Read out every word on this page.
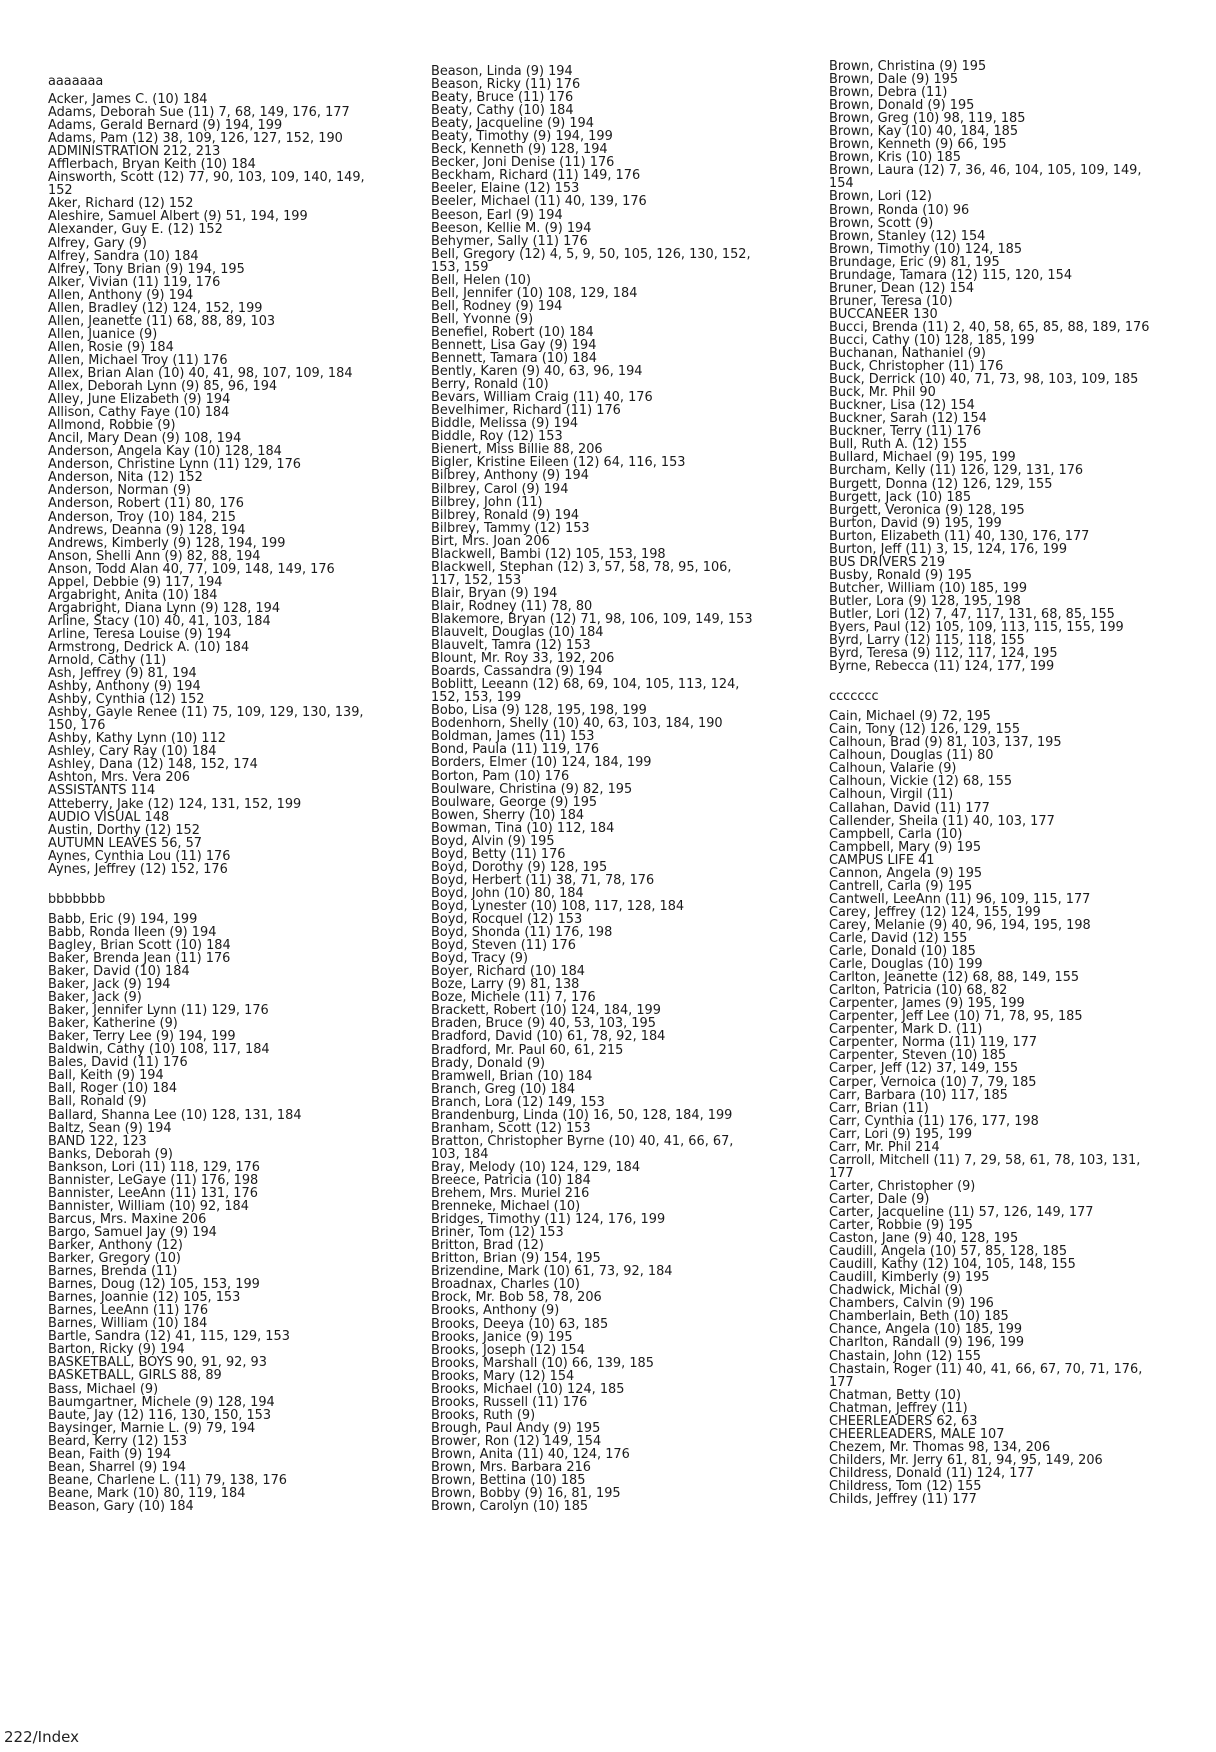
aaaaaaa
Acker, James C. (10) 184
Adams, Deborah Sue (11) 7, 68, 149, 176, 177
Adams, Gerald Bernard (9) 194, 199
Adams, Pam (12) 38, 109, 126, 127, 152, 190
ADMINISTRATION 212, 213
Afflerbach, Bryan Keith (10) 184
Ainsworth, Scott (12) 77, 90, 103, 109, 140, 149,
152
Aker, Richard (12) 152
Aleshire, Samuel Albert (9) 51, 194, 199
Alexander, Guy E. (12) 152
Alfrey, Gary (9)
Alfrey, Sandra (10) 184
Alfrey, Tony Brian (9) 194, 195
Alker, Vivian (11) 119, 176
Allen, Anthony (9) 194
Allen, Bradley (12) 124, 152, 199
Allen, Jeanette (11) 68, 88, 89, 103
Allen, Juanice (9)
Allen, Rosie (9) 184
Allen, Michael Troy (11) 176
Allex, Brian Alan (10) 40, 41, 98, 107, 109, 184
Allex, Deborah Lynn (9) 85, 96, 194
Alley, June Elizabeth (9) 194
Allison, Cathy Faye (10) 184
Allmond, Robbie (9)
Ancil, Mary Dean (9) 108, 194
Anderson, Angela Kay (10) 128, 184
Anderson, Christine Lynn (11) 129, 176
Anderson, Nita (12) 152
Anderson, Norman (9)
Anderson, Robert (11) 80, 176
Anderson, Troy (10) 184, 215
Andrews, Deanna (9) 128, 194
Andrews, Kimberly (9) 128, 194, 199
Anson, Shelli Ann (9) 82, 88, 194
Anson, Todd Alan 40, 77, 109, 148, 149, 176
Appel, Debbie (9) 117, 194
Argabright, Anita (10) 184
Argabright, Diana Lynn (9) 128, 194
Arline, Stacy (10) 40, 41, 103, 184
Arline, Teresa Louise (9) 194
Armstrong, Dedrick A. (10) 184
Arnold, Cathy (11)
Ash, Jeffrey (9) 81, 194
Ashby, Anthony (9) 194
Ashby, Cynthia (12) 152
Ashby, Gayle Renee (11) 75, 109, 129, 130, 139,
150, 176
Ashby, Kathy Lynn (10) 112
Ashley, Cary Ray (10) 184
Ashley, Dana (12) 148, 152, 174
Ashton, Mrs. Vera 206
ASSISTANTS 114
Atteberry, Jake (12) 124, 131, 152, 199
AUDIO VISUAL 148
Austin, Dorthy (12) 152
AUTUMN LEAVES 56, 57
Aynes, Cynthia Lou (11) 176
Aynes, Jeffrey (12) 152, 176
bbbbbbb
Babb, Eric (9) 194, 199
Babb, Ronda Ileen (9) 194
Bagley, Brian Scott (10) 184
Baker, Brenda Jean (11) 176
Baker, David (10) 184
Baker, Jack (9) 194
Baker, Jack (9)
Baker, Jennifer Lynn (11) 129, 176
Baker, Katherine (9)
Baker, Terry Lee (9) 194, 199
Baldwin, Cathy (10) 108, 117, 184
Bales, David (11) 176
Ball, Keith (9) 194
Ball, Roger (10) 184
Ball, Ronald (9)
Ballard, Shanna Lee (10) 128, 131, 184
Baltz, Sean (9) 194
BAND 122, 123
Banks, Deborah (9)
Bankson, Lori (11) 118, 129, 176
Bannister, LeGaye (11) 176, 198
Bannister, LeeAnn (11) 131, 176
Bannister, William (10) 92, 184
Barcus, Mrs. Maxine 206
Bargo, Samuel Jay (9) 194
Barker, Anthony (12)
Barker, Gregory (10)
Barnes, Brenda (11)
Barnes, Doug (12) 105, 153, 199
Barnes, Joannie (12) 105, 153
Barnes, LeeAnn (11) 176
Barnes, William (10) 184
Bartle, Sandra (12) 41, 115, 129, 153
Barton, Ricky (9) 194
BASKETBALL, BOYS 90, 91, 92, 93
BASKETBALL, GIRLS 88, 89
Bass, Michael (9)
Baumgartner, Michele (9) 128, 194
Baute, Jay (12) 116, 130, 150, 153
Baysinger, Marnie L. (9) 79, 194
Beard, Kerry (12) 153
Bean, Faith (9) 194
Bean, Sharrel (9) 194
Beane, Charlene L. (11) 79, 138, 176
Beane, Mark (10) 80, 119, 184
Beason, Gary (10) 184
Beason, Linda (9) 194
Beason, Ricky (11) 176
Beaty, Bruce (11) 176
Beaty, Cathy (10) 184
Beaty, Jacqueline (9) 194
Beaty, Timothy (9) 194, 199
Beck, Kenneth (9) 128, 194
Becker, Joni Denise (11) 176
Beckham, Richard (11) 149, 176
Beeler, Elaine (12) 153
Beeler, Michael (11) 40, 139, 176
Beeson, Earl (9) 194
Beeson, Kellie M. (9) 194
Behymer, Sally (11) 176
Bell, Gregory (12) 4, 5, 9, 50, 105, 126, 130, 152,
153, 159
Bell, Helen (10)
Bell, Jennifer (10) 108, 129, 184
Bell, Rodney (9) 194
Bell, Yvonne (9)
Benefiel, Robert (10) 184
Bennett, Lisa Gay (9) 194
Bennett, Tamara (10) 184
Bently, Karen (9) 40, 63, 96, 194
Berry, Ronald (10)
Bevars, William Craig (11) 40, 176
Bevelhimer, Richard (11) 176
Biddle, Melissa (9) 194
Biddle, Roy (12) 153
Bienert, Miss Billie 88, 206
Bigler, Kristine Eileen (12) 64, 116, 153
Bilbrey, Anthony (9) 194
Bilbrey, Carol (9) 194
Bilbrey, John (11)
Bilbrey, Ronald (9) 194
Bilbrey, Tammy (12) 153
Birt, Mrs. Joan 206
Blackwell, Bambi (12) 105, 153, 198
Blackwell, Stephan (12) 3, 57, 58, 78, 95, 106,
117, 152, 153
Blair, Bryan (9) 194
Blair, Rodney (11) 78, 80
Blakemore, Bryan (12) 71, 98, 106, 109, 149, 153
Blauvelt, Douglas (10) 184
Blauvelt, Tamra (12) 153
Blount, Mr. Roy 33, 192, 206
Boards, Cassandra (9) 194
Boblitt, Leeann (12) 68, 69, 104, 105, 113, 124,
152, 153, 199
Bobo, Lisa (9) 128, 195, 198, 199
Bodenhorn, Shelly (10) 40, 63, 103, 184, 190
Boldman, James (11) 153
Bond, Paula (11) 119, 176
Borders, Elmer (10) 124, 184, 199
Borton, Pam (10) 176
Boulware, Christina (9) 82, 195
Boulware, George (9) 195
Bowen, Sherry (10) 184
Bowman, Tina (10) 112, 184
Boyd, Alvin (9) 195
Boyd, Betty (11) 176
Boyd, Dorothy (9) 128, 195
Boyd, Herbert (11) 38, 71, 78, 176
Boyd, John (10) 80, 184
Boyd, Lynester (10) 108, 117, 128, 184
Boyd, Rocquel (12) 153
Boyd, Shonda (11) 176, 198
Boyd, Steven (11) 176
Boyd, Tracy (9)
Boyer, Richard (10) 184
Boze, Larry (9) 81, 138
Boze, Michele (11) 7, 176
Brackett, Robert (10) 124, 184, 199
Braden, Bruce (9) 40, 53, 103, 195
Bradford, David (10) 61, 78, 92, 184
Bradford, Mr. Paul 60, 61, 215
Brady, Donald (9)
Bramwell, Brian (10) 184
Branch, Greg (10) 184
Branch, Lora (12) 149, 153
Brandenburg, Linda (10) 16, 50, 128, 184, 199
Branham, Scott (12) 153
Bratton, Christopher Byrne (10) 40, 41, 66, 67,
103, 184
Bray, Melody (10) 124, 129, 184
Breece, Patricia (10) 184
Brehem, Mrs. Muriel 216
Brenneke, Michael (10)
Bridges, Timothy (11) 124, 176, 199
Briner, Tom (12) 153
Britton, Brad (12)
Britton, Brian (9) 154, 195
Brizendine, Mark (10) 61, 73, 92, 184
Broadnax, Charles (10)
Brock, Mr. Bob 58, 78, 206
Brooks, Anthony (9)
Brooks, Deeya (10) 63, 185
Brooks, Janice (9) 195
Brooks, Joseph (12) 154
Brooks, Marshall (10) 66, 139, 185
Brooks, Mary (12) 154
Brooks, Michael (10) 124, 185
Brooks, Russell (11) 176
Brooks, Ruth (9)
Brough, Paul Andy (9) 195
Brower, Ron (12) 149, 154
Brown, Anita (11) 40, 124, 176
Brown, Mrs. Barbara 216
Brown, Bettina (10) 185
Brown, Bobby (9) 16, 81, 195
Brown, Carolyn (10) 185
Brown, Christina (9) 195
Brown, Dale (9) 195
Brown, Debra (11)
Brown, Donald (9) 195
Brown, Greg (10) 98, 119, 185
Brown, Kay (10) 40, 184, 185
Brown, Kenneth (9) 66, 195
Brown, Kris (10) 185
Brown, Laura (12) 7, 36, 46, 104, 105, 109, 149,
154
Brown, Lori (12)
Brown, Ronda (10) 96
Brown, Scott (9)
Brown, Stanley (12) 154
Brown, Timothy (10) 124, 185
Brundage, Eric (9) 81, 195
Brundage, Tamara (12) 115, 120, 154
Bruner, Dean (12) 154
Bruner, Teresa (10)
BUCCANEER 130
Bucci, Brenda (11) 2, 40, 58, 65, 85, 88, 189, 176
Bucci, Cathy (10) 128, 185, 199
Buchanan, Nathaniel (9)
Buck, Christopher (11) 176
Buck, Derrick (10) 40, 71, 73, 98, 103, 109, 185
Buck, Mr. Phil 90
Buckner, Lisa (12) 154
Buckner, Sarah (12) 154
Buckner, Terry (11) 176
Bull, Ruth A. (12) 155
Bullard, Michael (9) 195, 199
Burcham, Kelly (11) 126, 129, 131, 176
Burgett, Donna (12) 126, 129, 155
Burgett, Jack (10) 185
Burgett, Veronica (9) 128, 195
Burton, David (9) 195, 199
Burton, Elizabeth (11) 40, 130, 176, 177
Burton, Jeff (11) 3, 15, 124, 176, 199
BUS DRIVERS 219
Busby, Ronald (9) 195
Butcher, William (10) 185, 199
Butler, Lora (9) 128, 195, 198
Butler, Lori (12) 7, 47, 117, 131, 68, 85, 155
Byers, Paul (12) 105, 109, 113, 115, 155, 199
Byrd, Larry (12) 115, 118, 155
Byrd, Teresa (9) 112, 117, 124, 195
Byrne, Rebecca (11) 124, 177, 199
ccccccc
Cain, Michael (9) 72, 195
Cain, Tony (12) 126, 129, 155
Calhoun, Brad (9) 81, 103, 137, 195
Calhoun, Douglas (11) 80
Calhoun, Valarie (9)
Calhoun, Vickie (12) 68, 155
Calhoun, Virgil (11)
Callahan, David (11) 177
Callender, Sheila (11) 40, 103, 177
Campbell, Carla (10)
Campbell, Mary (9) 195
CAMPUS LIFE 41
Cannon, Angela (9) 195
Cantrell, Carla (9) 195
Cantwell, LeeAnn (11) 96, 109, 115, 177
Carey, Jeffrey (12) 124, 155, 199
Carey, Melanie (9) 40, 96, 194, 195, 198
Carle, David (12) 155
Carle, Donald (10) 185
Carle, Douglas (10) 199
Carlton, Jeanette (12) 68, 88, 149, 155
Carlton, Patricia (10) 68, 82
Carpenter, James (9) 195, 199
Carpenter, Jeff Lee (10) 71, 78, 95, 185
Carpenter, Mark D. (11)
Carpenter, Norma (11) 119, 177
Carpenter, Steven (10) 185
Carper, Jeff (12) 37, 149, 155
Carper, Vernoica (10) 7, 79, 185
Carr, Barbara (10) 117, 185
Carr, Brian (11)
Carr, Cynthia (11) 176, 177, 198
Carr, Lori (9) 195, 199
Carr, Mr. Phil 214
Carroll, Mitchell (11) 7, 29, 58, 61, 78, 103, 131,
177
Carter, Christopher (9)
Carter, Dale (9)
Carter, Jacqueline (11) 57, 126, 149, 177
Carter, Robbie (9) 195
Caston, Jane (9) 40, 128, 195
Caudill, Angela (10) 57, 85, 128, 185
Caudill, Kathy (12) 104, 105, 148, 155
Caudill, Kimberly (9) 195
Chadwick, Michal (9)
Chambers, Calvin (9) 196
Chamberlain, Beth (10) 185
Chance, Angela (10) 185, 199
Charlton, Randall (9) 196, 199
Chastain, John (12) 155
Chastain, Roger (11) 40, 41, 66, 67, 70, 71, 176,
177
Chatman, Betty (10)
Chatman, Jeffrey (11)
CHEERLEADERS 62, 63
CHEERLEADERS, MALE 107
Chezem, Mr. Thomas 98, 134, 206
Childers, Mr. Jerry 61, 81, 94, 95, 149, 206
Childress, Donald (11) 124, 177
Childress, Tom (12) 155
Childs, Jeffrey (11) 177
222/Index
